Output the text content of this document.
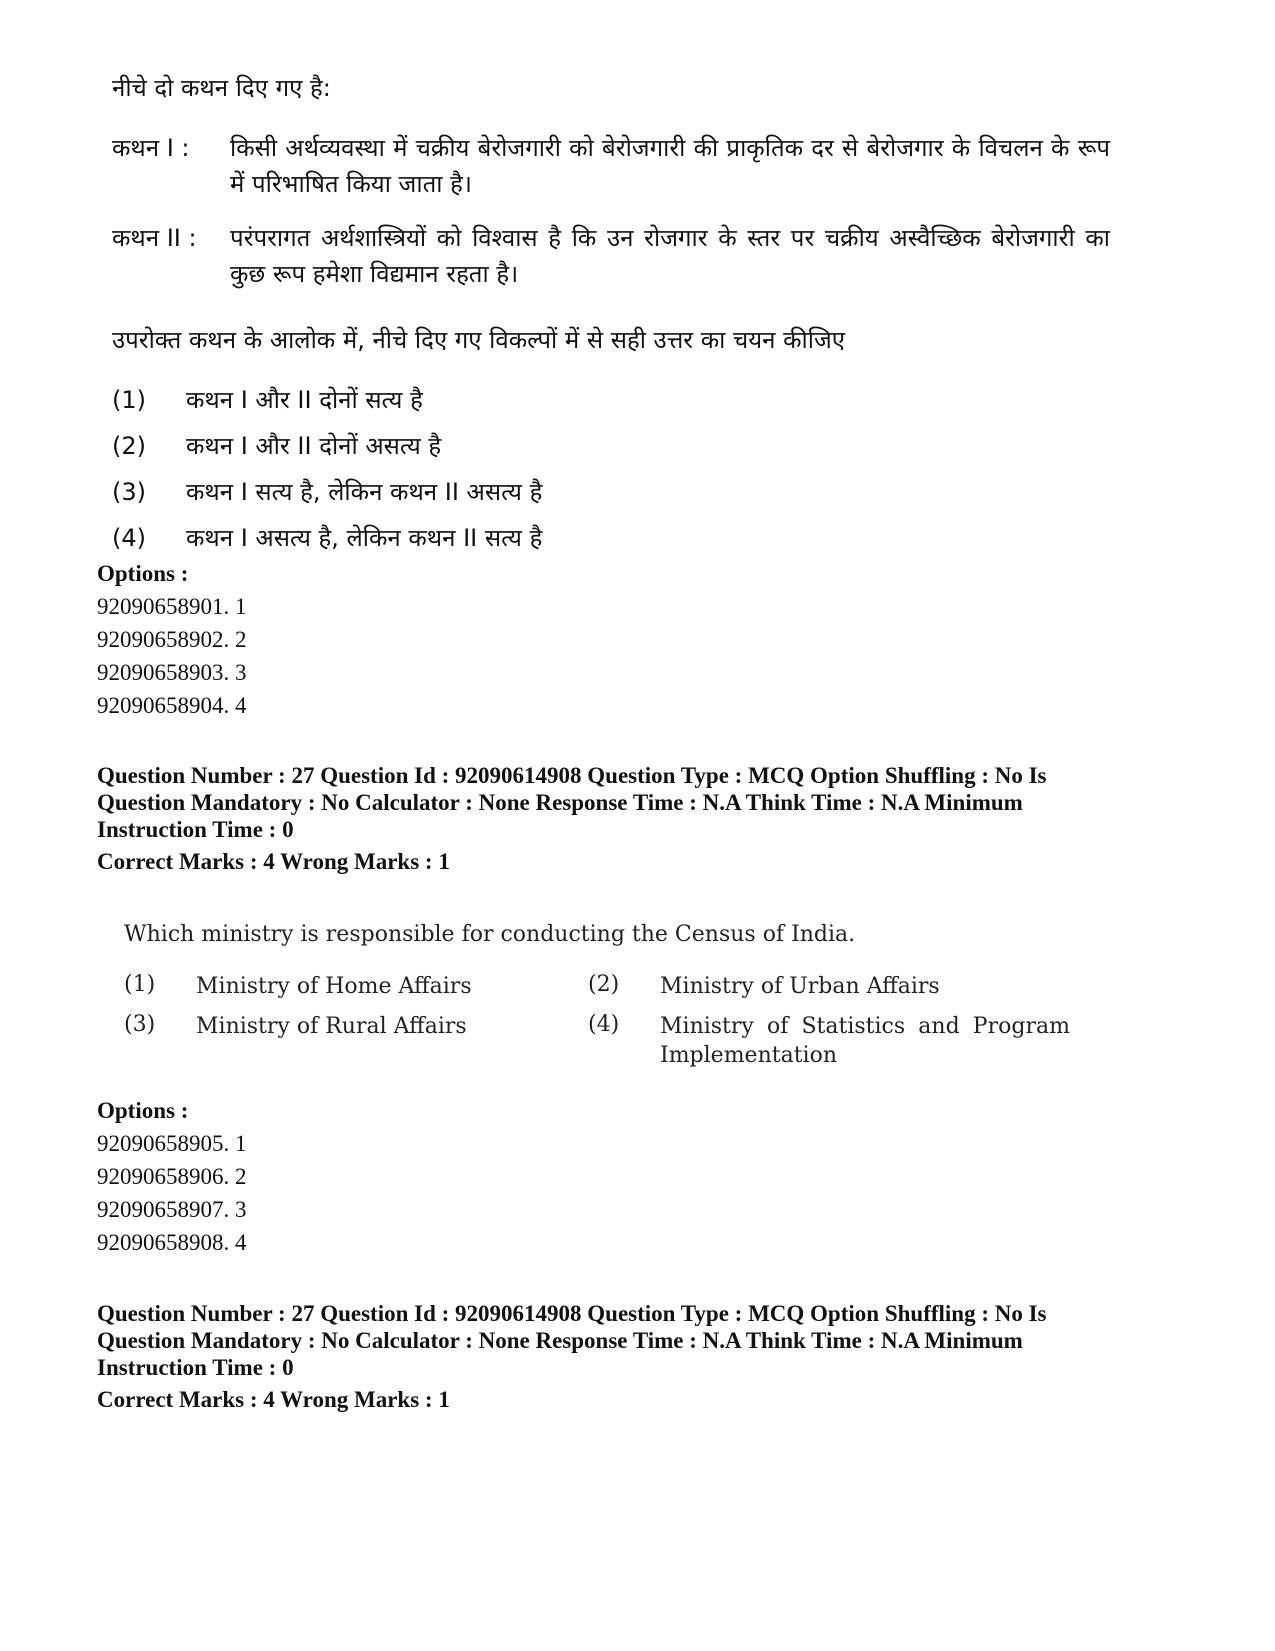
नीचे दो कथन दिए गए है:
कथन I : किसी अर्थव्यवस्था में चक्रीय बेरोजगारी को बेरोजगारी की प्राकृतिक दर से बेरोजगार के विचलन के रूप में परिभाषित किया जाता है।
कथन II : परंपरागत अर्थशास्त्रियों को विश्वास है कि उन रोजगार के स्तर पर चक्रीय अस्वैच्छिक बेरोजगारी का कुछ रूप हमेशा विद्यमान रहता है।
उपरोक्त कथन के आलोक में, नीचे दिए गए विकल्पों में से सही उत्तर का चयन कीजिए
(1) कथन I और II दोनों सत्य है
(2) कथन I और II दोनों असत्य है
(3) कथन I सत्य है, लेकिन कथन II असत्य है
(4) कथन I असत्य है, लेकिन कथन II सत्य है
Options :
92090658901. 1
92090658902. 2
92090658903. 3
92090658904. 4
Question Number : 27 Question Id : 92090614908 Question Type : MCQ Option Shuffling : No Is
Question Mandatory : No Calculator : None Response Time : N.A Think Time : N.A Minimum
Instruction Time : 0
Correct Marks : 4 Wrong Marks : 1
Which ministry is responsible for conducting the Census of India.
(1) Ministry of Home Affairs	(2) Ministry of Urban Affairs
(3) Ministry of Rural Affairs	(4) Ministry of Statistics and Program
Implementation
Options :
92090658905. 1
92090658906. 2
92090658907. 3
92090658908. 4
Question Number : 27 Question Id : 92090614908 Question Type : MCQ Option Shuffling : No Is
Question Mandatory : No Calculator : None Response Time : N.A Think Time : N.A Minimum
Instruction Time : 0
Correct Marks : 4 Wrong Marks : 1
